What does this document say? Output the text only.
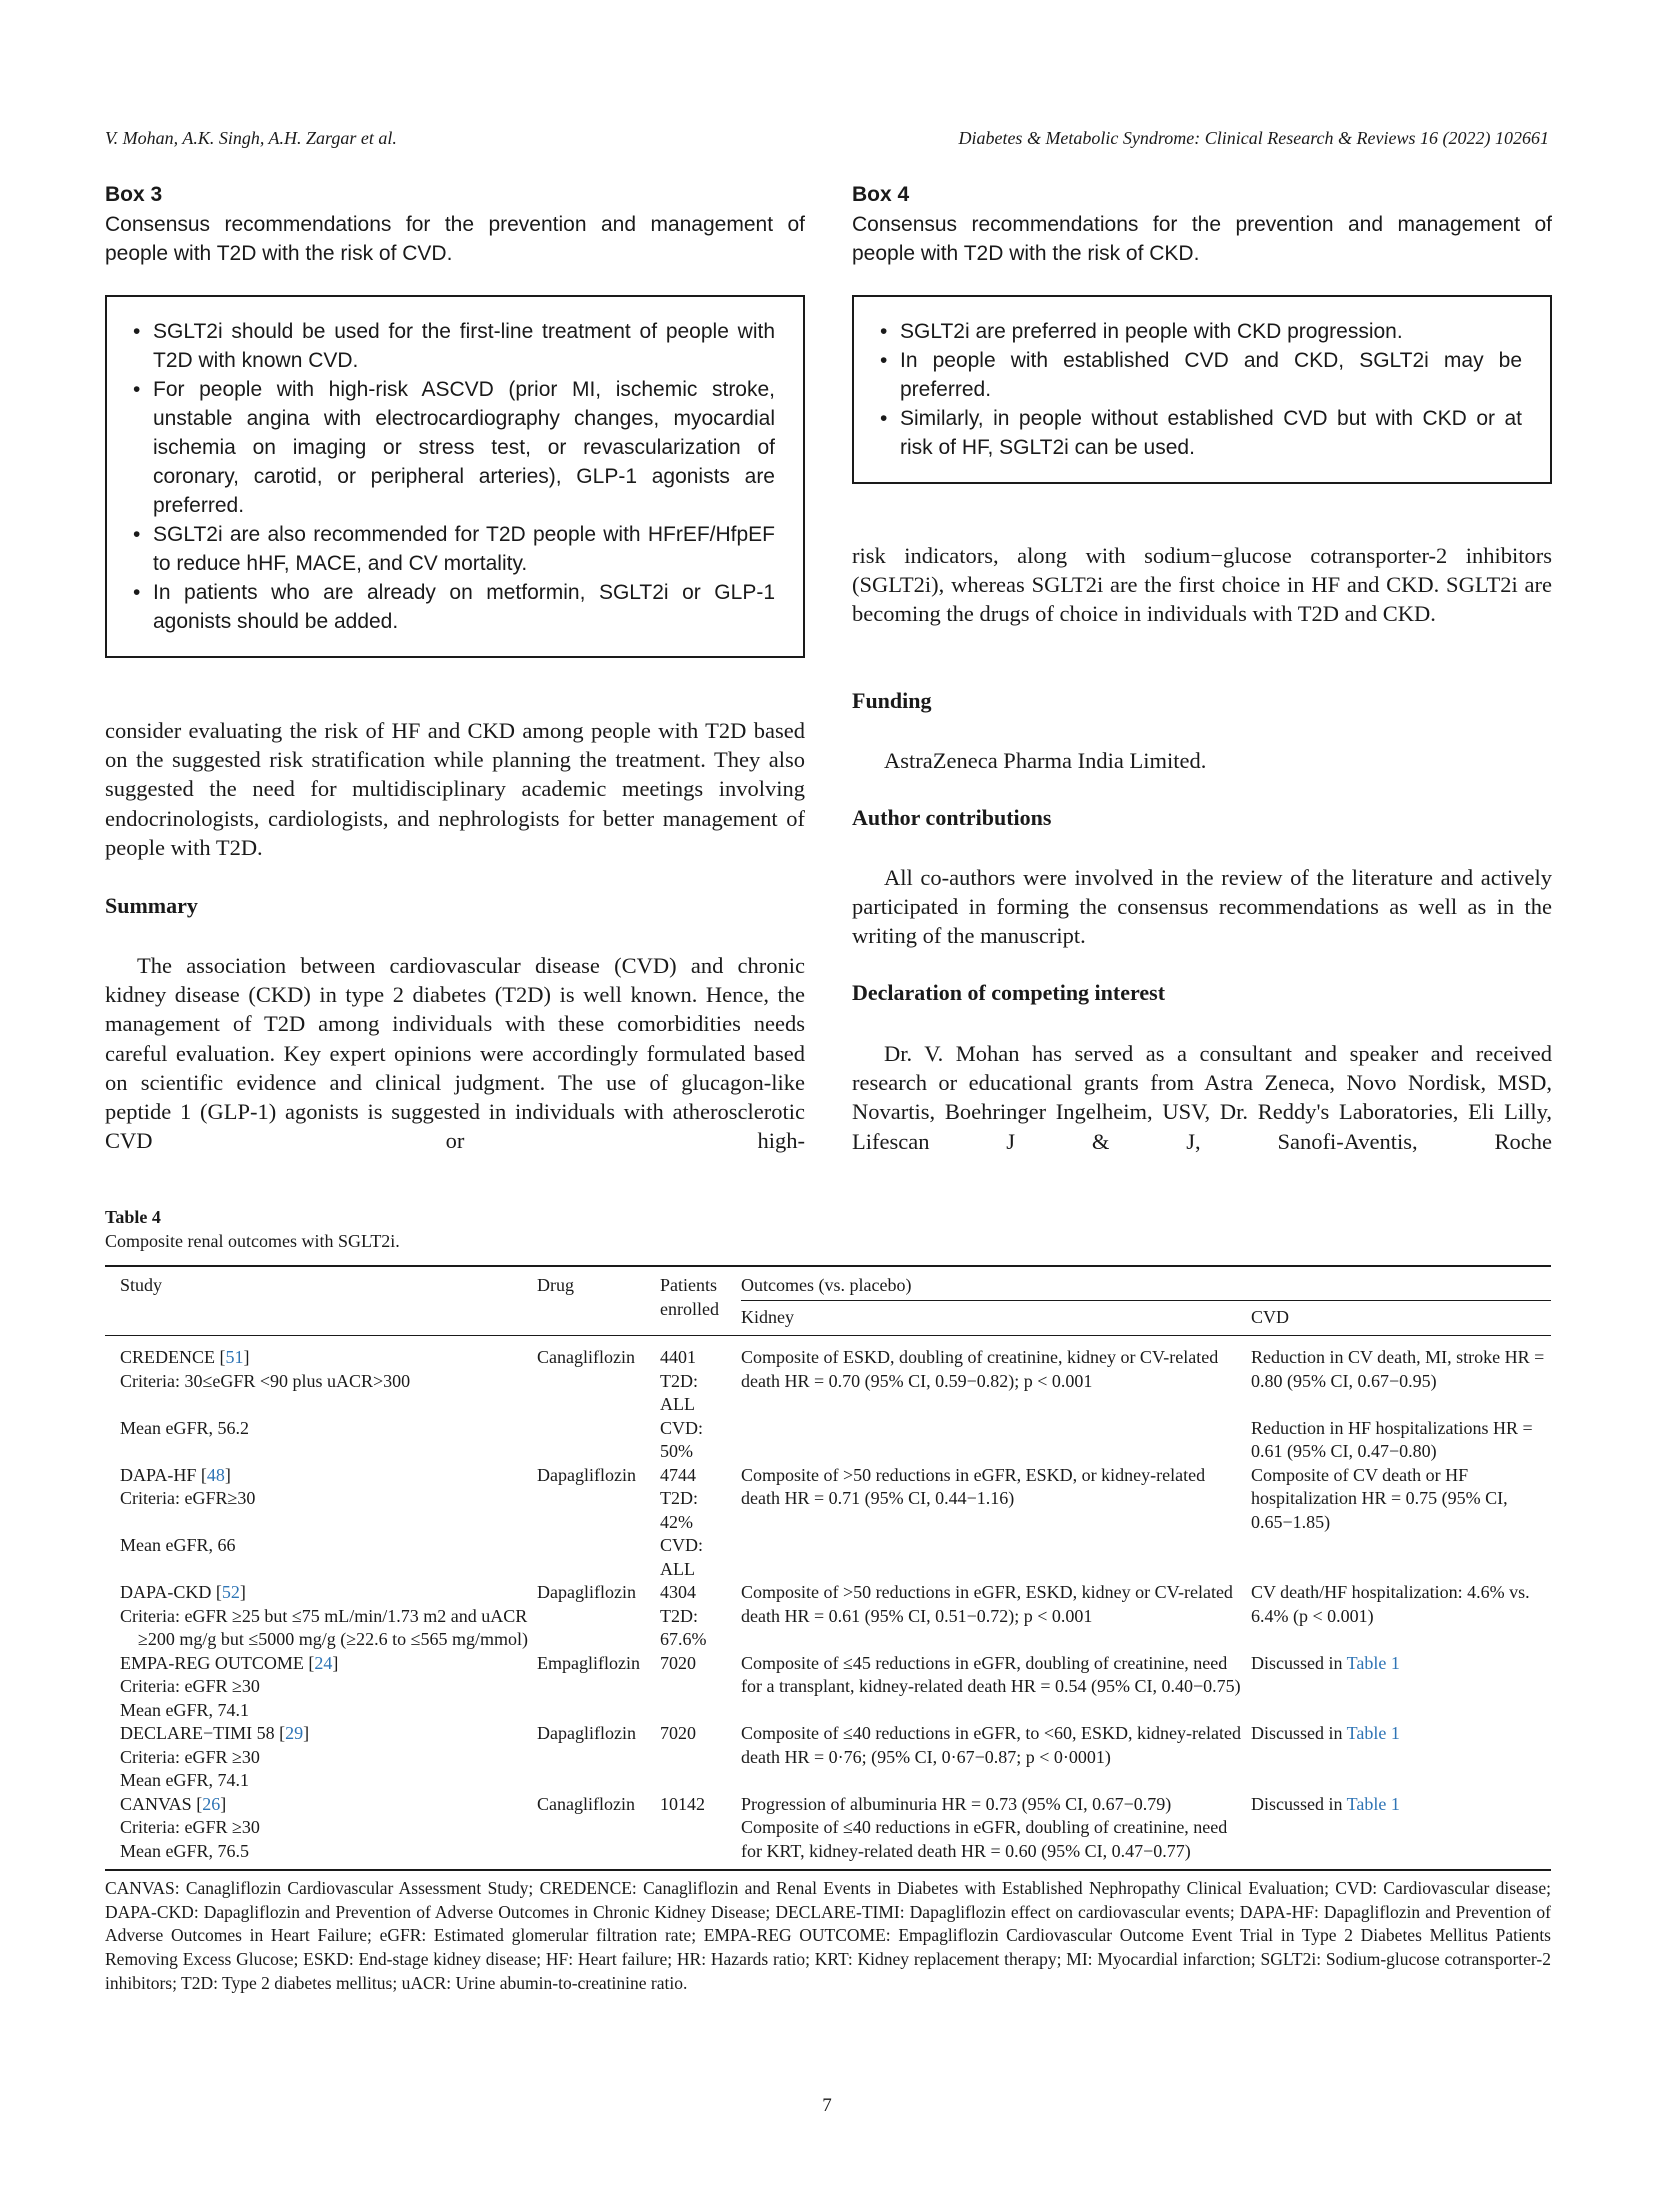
V. Mohan, A.K. Singh, A.H. Zargar et al.	Diabetes & Metabolic Syndrome: Clinical Research & Reviews 16 (2022) 102661
Box 3
Consensus recommendations for the prevention and management of people with T2D with the risk of CVD.
• SGLT2i should be used for the first-line treatment of people with T2D with known CVD.
• For people with high-risk ASCVD (prior MI, ischemic stroke, unstable angina with electrocardiography changes, myocardial ischemia on imaging or stress test, or revascularization of coronary, carotid, or peripheral arteries), GLP-1 agonists are preferred.
• SGLT2i are also recommended for T2D people with HFrEF/HfpEF to reduce hHF, MACE, and CV mortality.
• In patients who are already on metformin, SGLT2i or GLP-1 agonists should be added.
Box 4
Consensus recommendations for the prevention and management of people with T2D with the risk of CKD.
• SGLT2i are preferred in people with CKD progression.
• In people with established CVD and CKD, SGLT2i may be preferred.
• Similarly, in people without established CVD but with CKD or at risk of HF, SGLT2i can be used.
consider evaluating the risk of HF and CKD among people with T2D based on the suggested risk stratification while planning the treatment. They also suggested the need for multidisciplinary academic meetings involving endocrinologists, cardiologists, and nephrologists for better management of people with T2D.
Summary
The association between cardiovascular disease (CVD) and chronic kidney disease (CKD) in type 2 diabetes (T2D) is well known. Hence, the management of T2D among individuals with these comorbidities needs careful evaluation. Key expert opinions were accordingly formulated based on scientific evidence and clinical judgment. The use of glucagon-like peptide 1 (GLP-1) agonists is suggested in individuals with atherosclerotic CVD or high-
risk indicators, along with sodium−glucose cotransporter-2 inhibitors (SGLT2i), whereas SGLT2i are the first choice in HF and CKD. SGLT2i are becoming the drugs of choice in individuals with T2D and CKD.
Funding
AstraZeneca Pharma India Limited.
Author contributions
All co-authors were involved in the review of the literature and actively participated in forming the consensus recommendations as well as in the writing of the manuscript.
Declaration of competing interest
Dr. V. Mohan has served as a consultant and speaker and received research or educational grants from Astra Zeneca, Novo Nordisk, MSD, Novartis, Boehringer Ingelheim, USV, Dr. Reddy's Laboratories, Eli Lilly, Lifescan J & J, Sanofi-Aventis, Roche
Table 4
Composite renal outcomes with SGLT2i.
Study	Drug	Patients enrolled	Outcomes (vs. placebo)	

			Kidney	CVD

CREDENCE [51]
Criteria: 30≤eGFR <90 plus uACR>300	Canagliflozin	4401 T2D: ALL	Composite of ESKD, doubling of creatinine, kidney or CV-related death HR = 0.70 (95% CI, 0.59−0.82); p < 0.001	Reduction in CV death, MI, stroke HR = 0.80 (95% CI, 0.67−0.95)
Mean eGFR, 56.2		CVD: 50%		Reduction in HF hospitalizations HR = 0.61 (95% CI, 0.47−0.80)

DAPA-HF [48]
Criteria: eGFR≥30	Dapagliflozin	4744 T2D: 42%	Composite of >50 reductions in eGFR, ESKD, or kidney-related death HR = 0.71 (95% CI, 0.44−1.16)	Composite of CV death or HF hospitalization HR = 0.75 (95% CI, 0.65−1.85)
Mean eGFR, 66		CVD: ALL		

DAPA-CKD [52]
Criteria: eGFR ≥25 but ≤75 mL/min/1.73 m2 and uACR ≥200 mg/g but ≤5000 mg/g (≥22.6 to ≤565 mg/mmol)	Dapagliflozin	4304 T2D: 67.6%	Composite of >50 reductions in eGFR, ESKD, kidney or CV-related death HR = 0.61 (95% CI, 0.51−0.72); p < 0.001	CV death/HF hospitalization: 4.6% vs. 6.4% (p < 0.001)

EMPA-REG OUTCOME [24]
Criteria: eGFR ≥30
Mean eGFR, 74.1	Empagliflozin	7020	Composite of ≤45 reductions in eGFR, doubling of creatinine, need for a transplant, kidney-related death HR = 0.54 (95% CI, 0.40−0.75)	Discussed in Table 1

DECLARE−TIMI 58 [29]
Criteria: eGFR ≥30
Mean eGFR, 74.1	Dapagliflozin	7020	Composite of ≤40 reductions in eGFR, to <60, ESKD, kidney-related death HR = 0·76; (95% CI, 0·67−0.87; p < 0·0001)	Discussed in Table 1

CANVAS [26]
Criteria: eGFR ≥30
Mean eGFR, 76.5	Canagliflozin	10142	Progression of albuminuria HR = 0.73 (95% CI, 0.67−0.79) Composite of ≤40 reductions in eGFR, doubling of creatinine, need for KRT, kidney-related death HR = 0.60 (95% CI, 0.47−0.77)	Discussed in Table 1
CANVAS: Canagliflozin Cardiovascular Assessment Study; CREDENCE: Canagliflozin and Renal Events in Diabetes with Established Nephropathy Clinical Evaluation; CVD: Cardiovascular disease; DAPA-CKD: Dapagliflozin and Prevention of Adverse Outcomes in Chronic Kidney Disease; DECLARE-TIMI: Dapagliflozin effect on cardiovascular events; DAPA-HF: Dapagliflozin and Prevention of Adverse Outcomes in Heart Failure; eGFR: Estimated glomerular filtration rate; EMPA-REG OUTCOME: Empagliflozin Cardiovascular Outcome Event Trial in Type 2 Diabetes Mellitus Patients Removing Excess Glucose; ESKD: End-stage kidney disease; HF: Heart failure; HR: Hazards ratio; KRT: Kidney replacement therapy; MI: Myocardial infarction; SGLT2i: Sodium-glucose cotransporter-2 inhibitors; T2D: Type 2 diabetes mellitus; uACR: Urine abumin-to-creatinine ratio.
7
